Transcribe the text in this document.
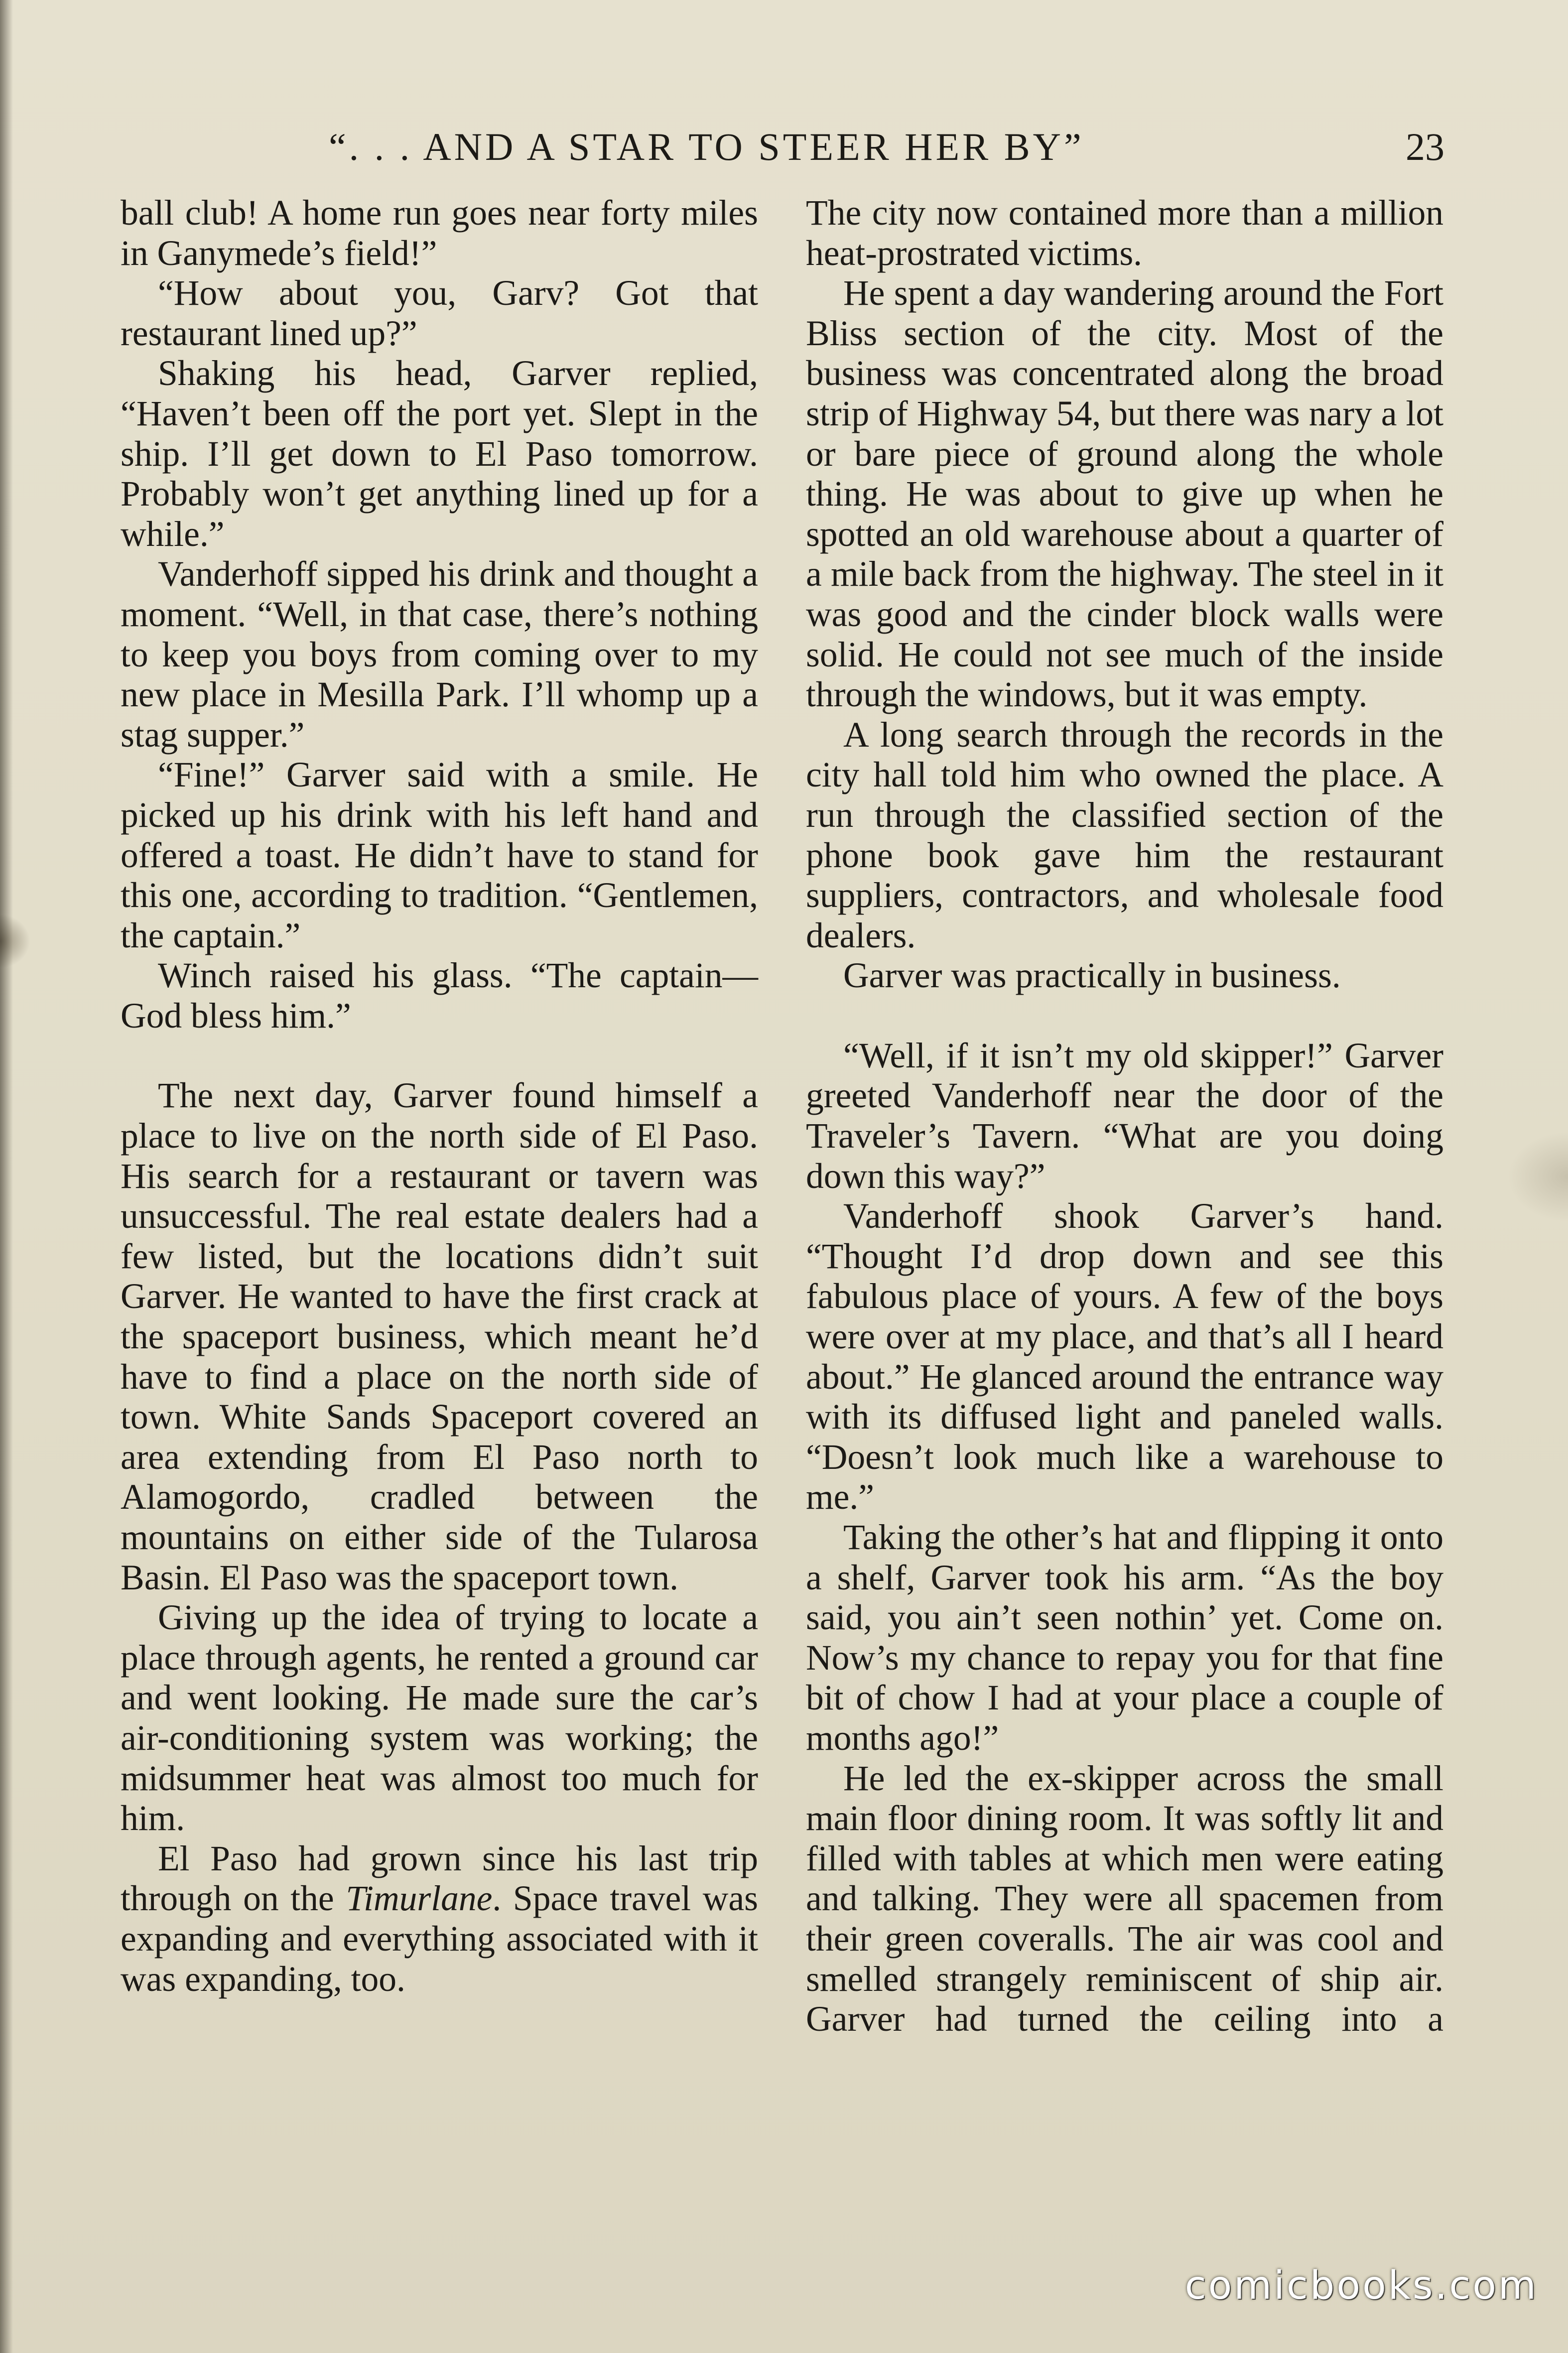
“. . . AND A STAR TO STEER HER BY”	23

ball club! A home run goes near forty miles in Ganymede’s field!”

“How about you, Garv? Got that restaurant lined up?”

Shaking his head, Garver replied, “Haven’t been off the port yet. Slept in the ship. I’ll get down to El Paso tomorrow. Probably won’t get anything lined up for a while.”

Vanderhoff sipped his drink and thought a moment. “Well, in that case, there’s nothing to keep you boys from coming over to my new place in Mesilla Park. I’ll whomp up a stag supper.”

“Fine!” Garver said with a smile. He picked up his drink with his left hand and offered a toast. He didn’t have to stand for this one, according to tradition. “Gentlemen, the captain.”

Winch raised his glass. “The captain—God bless him.”

The next day, Garver found himself a place to live on the north side of El Paso. His search for a restaurant or tavern was unsuccessful. The real estate dealers had a few listed, but the locations didn’t suit Garver. He wanted to have the first crack at the spaceport business, which meant he’d have to find a place on the north side of town. White Sands Spaceport covered an area extending from El Paso north to Alamogordo, cradled between the mountains on either side of the Tularosa Basin. El Paso was the spaceport town.

Giving up the idea of trying to locate a place through agents, he rented a ground car and went looking. He made sure the car’s air-conditioning system was working; the midsummer heat was almost too much for him.

El Paso had grown since his last trip through on the Timurlane. Space travel was expanding and everything associated with it was expanding, too.

The city now contained more than a million heat-prostrated victims.

He spent a day wandering around the Fort Bliss section of the city. Most of the business was concentrated along the broad strip of Highway 54, but there was nary a lot or bare piece of ground along the whole thing. He was about to give up when he spotted an old warehouse about a quarter of a mile back from the highway. The steel in it was good and the cinder block walls were solid. He could not see much of the inside through the windows, but it was empty.

A long search through the records in the city hall told him who owned the place. A run through the classified section of the phone book gave him the restaurant suppliers, contractors, and wholesale food dealers.

Garver was practically in business.

“Well, if it isn’t my old skipper!” Garver greeted Vanderhoff near the door of the Traveler’s Tavern. “What are you doing down this way?”

Vanderhoff shook Garver’s hand. “Thought I’d drop down and see this fabulous place of yours. A few of the boys were over at my place, and that’s all I heard about.” He glanced around the entrance way with its diffused light and paneled walls. “Doesn’t look much like a warehouse to me.”

Taking the other’s hat and flipping it onto a shelf, Garver took his arm. “As the boy said, you ain’t seen nothin’ yet. Come on. Now’s my chance to repay you for that fine bit of chow I had at your place a couple of months ago!”

He led the ex-skipper across the small main floor dining room. It was softly lit and filled with tables at which men were eating and talking. They were all spacemen from their green coveralls. The air was cool and smelled strangely reminiscent of ship air. Garver had turned the ceiling into a

comicbooks.com
